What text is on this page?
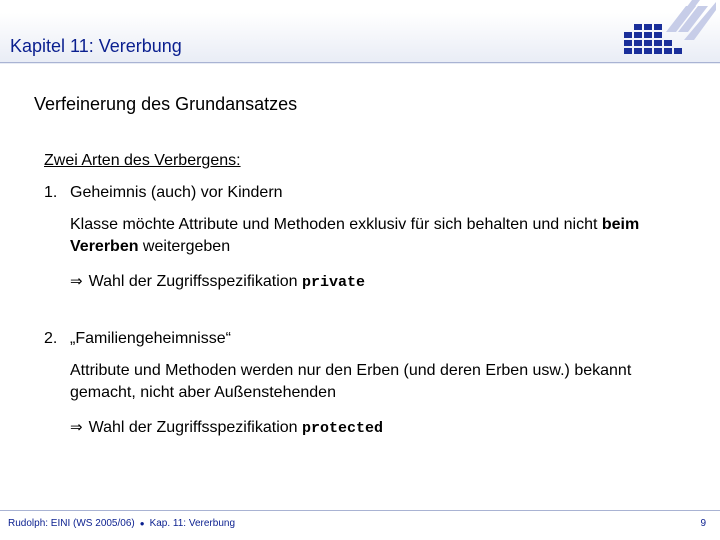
Kapitel 11: Vererbung
Verfeinerung des Grundansatzes
Zwei Arten des Verbergens:
1. Geheimnis (auch) vor Kindern
Klasse möchte Attribute und Methoden exklusiv für sich behalten und nicht beim Vererben weitergeben
⇒ Wahl der Zugriffsspezifikation private
2. „Familiengeheimnisse“
Attribute und Methoden werden nur den Erben (und deren Erben usw.) bekannt gemacht, nicht aber Außenstehenden
⇒ Wahl der Zugriffsspezifikation protected
Rudolph: EINI (WS 2005/06) ● Kap. 11: Vererbung	9
